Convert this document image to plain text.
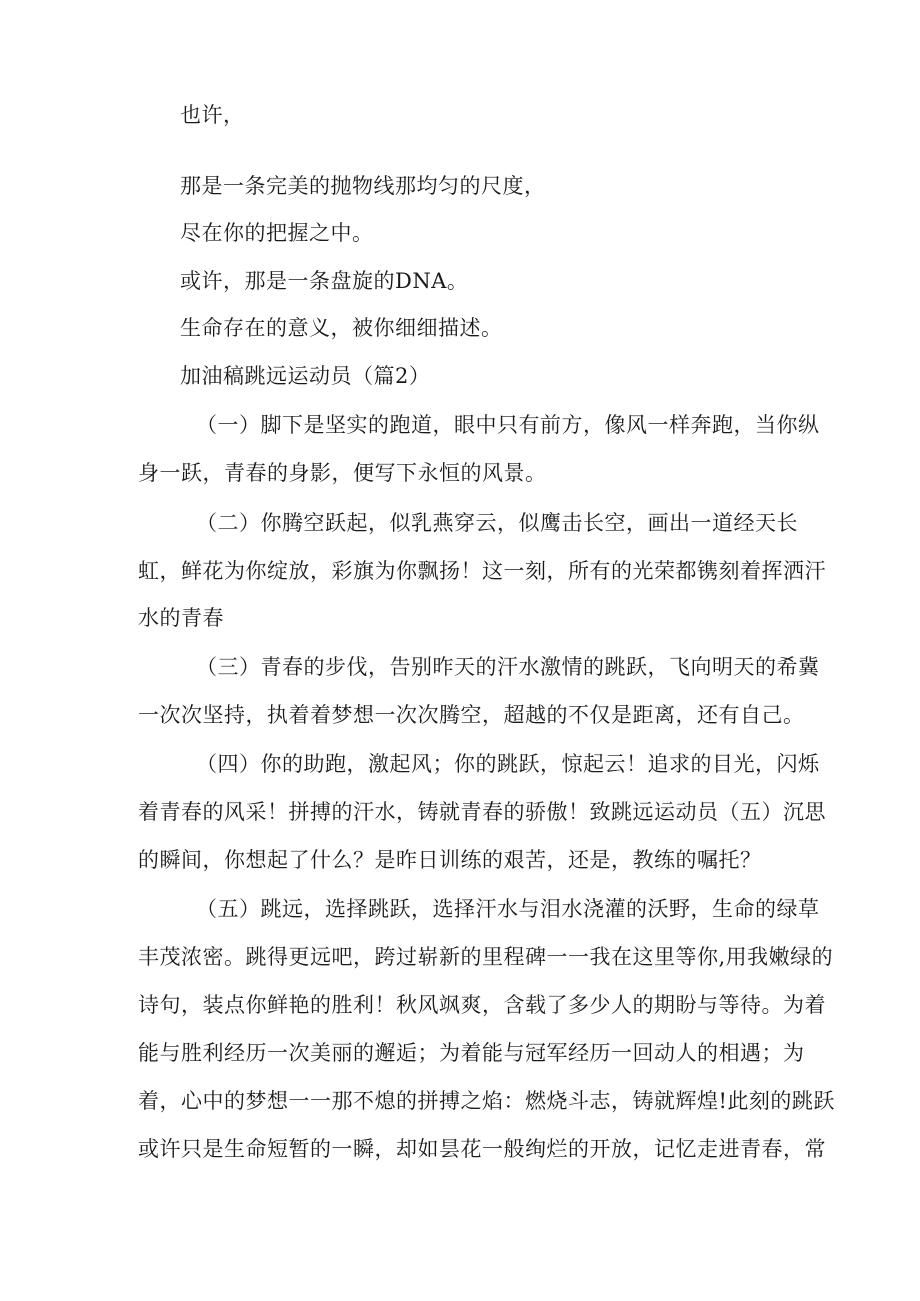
也许，
那是一条完美的抛物线那均匀的尺度，
尽在你的把握之中。
或许，那是一条盘旋的DNA。
生命存在的意义，被你细细描述。
加油稿跳远运动员（篇2）
（一）脚下是坚实的跑道，眼中只有前方，像风一样奔跑，当你纵
身一跃，青春的身影，便写下永恒的风景。
（二）你腾空跃起，似乳燕穿云，似鹰击长空，画出一道经天长
虹，鲜花为你绽放，彩旗为你飘扬！这一刻，所有的光荣都镌刻着挥洒汗
水的青春
（三）青春的步伐，告别昨天的汗水激情的跳跃，飞向明天的希冀
一次次坚持，执着着梦想一次次腾空，超越的不仅是距离，还有自己。
（四）你的助跑，激起风；你的跳跃，惊起云！追求的目光，闪烁
着青春的风采！拼搏的汗水，铸就青春的骄傲！致跳远运动员（五）沉思
的瞬间，你想起了什么？是昨日训练的艰苦，还是，教练的嘱托？
（五）跳远，选择跳跃，选择汗水与泪水浇灌的沃野，生命的绿草
丰茂浓密。跳得更远吧，跨过崭新的里程碑一一我在这里等你,用我嫩绿的
诗句，装点你鲜艳的胜利！秋风飒爽，含载了多少人的期盼与等待。为着
能与胜利经历一次美丽的邂逅；为着能与冠军经历一回动人的相遇；为
着，心中的梦想一一那不熄的拼搏之焰：燃烧斗志，铸就辉煌!此刻的跳跃
或许只是生命短暂的一瞬，却如昙花一般绚烂的开放，记忆走进青春，常
